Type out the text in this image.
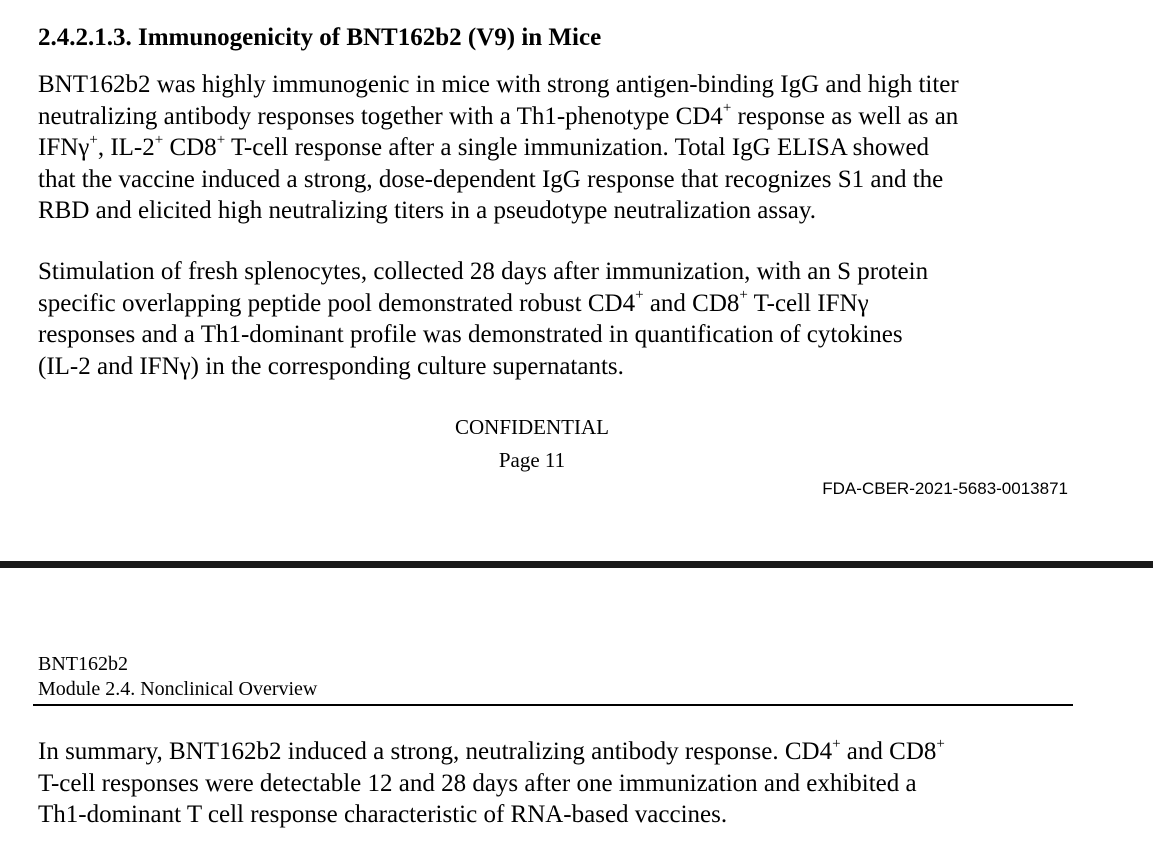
2.4.2.1.3. Immunogenicity of BNT162b2 (V9) in Mice
BNT162b2 was highly immunogenic in mice with strong antigen-binding IgG and high titer
neutralizing antibody responses together with a Th1-phenotype CD4+ response as well as an
IFNγ+, IL-2+ CD8+ T-cell response after a single immunization. Total IgG ELISA showed
that the vaccine induced a strong, dose-dependent IgG response that recognizes S1 and the
RBD and elicited high neutralizing titers in a pseudotype neutralization assay.
Stimulation of fresh splenocytes, collected 28 days after immunization, with an S protein
specific overlapping peptide pool demonstrated robust CD4+ and CD8+ T-cell IFNγ
responses and a Th1-dominant profile was demonstrated in quantification of cytokines
(IL-2 and IFNγ) in the corresponding culture supernatants.
CONFIDENTIAL
Page 11
FDA-CBER-2021-5683-0013871
BNT162b2
Module 2.4. Nonclinical Overview
In summary, BNT162b2 induced a strong, neutralizing antibody response. CD4+ and CD8+
T-cell responses were detectable 12 and 28 days after one immunization and exhibited a
Th1-dominant T cell response characteristic of RNA-based vaccines.
